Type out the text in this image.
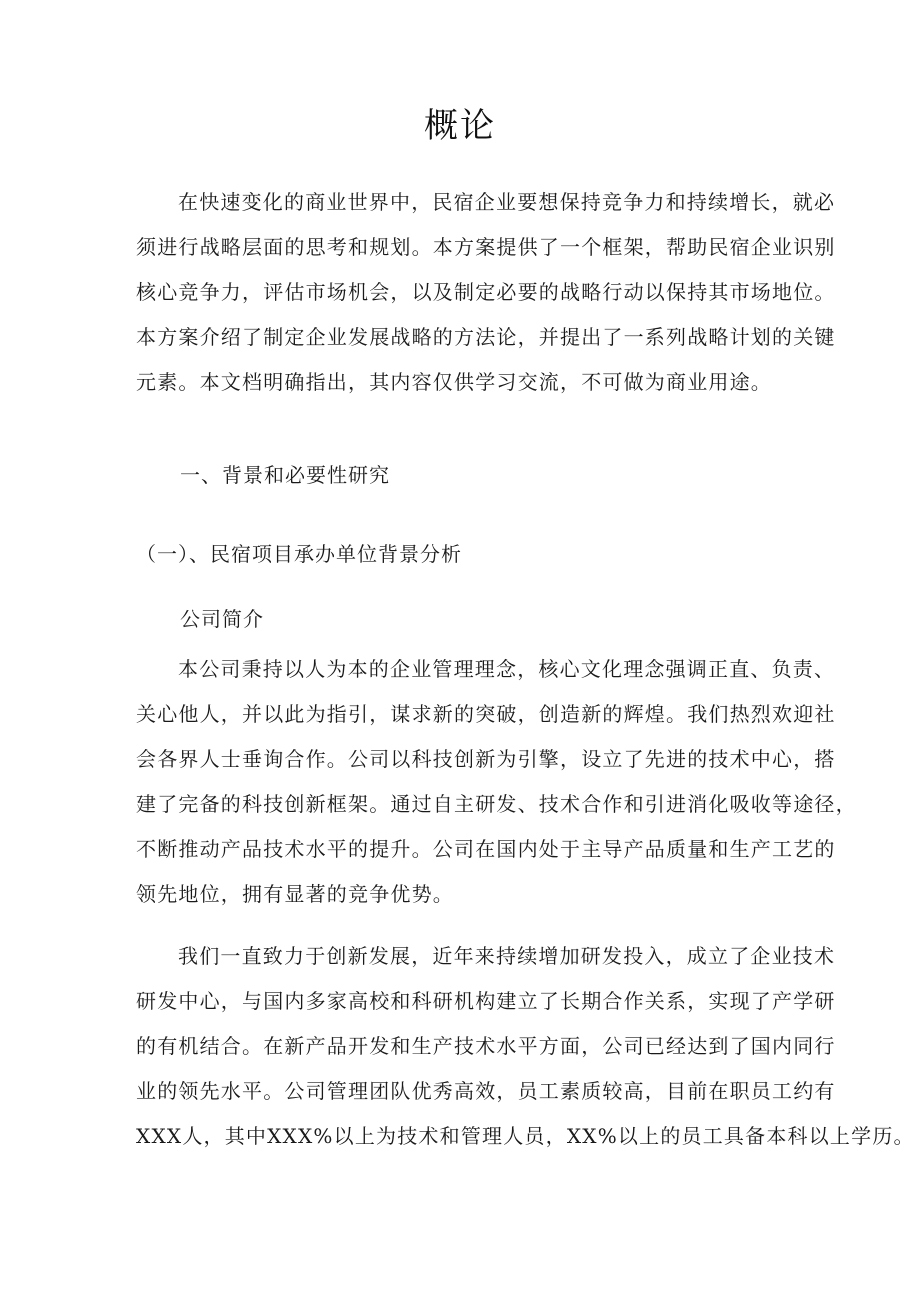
概论
在快速变化的商业世界中，民宿企业要想保持竞争力和持续增长，就必
须进行战略层面的思考和规划。本方案提供了一个框架，帮助民宿企业识别
核心竞争力，评估市场机会，以及制定必要的战略行动以保持其市场地位。
本方案介绍了制定企业发展战略的方法论，并提出了一系列战略计划的关键
元素。本文档明确指出，其内容仅供学习交流，不可做为商业用途。
一、背景和必要性研究
（一）、民宿项目承办单位背景分析
公司简介
本公司秉持以人为本的企业管理理念，核心文化理念强调正直、负责、
关心他人，并以此为指引，谋求新的突破，创造新的辉煌。我们热烈欢迎社
会各界人士垂询合作。公司以科技创新为引擎，设立了先进的技术中心，搭
建了完备的科技创新框架。通过自主研发、技术合作和引进消化吸收等途径，
不断推动产品技术水平的提升。公司在国内处于主导产品质量和生产工艺的
领先地位，拥有显著的竞争优势。
我们一直致力于创新发展，近年来持续增加研发投入，成立了企业技术
研发中心，与国内多家高校和科研机构建立了长期合作关系，实现了产学研
的有机结合。在新产品开发和生产技术水平方面，公司已经达到了国内同行
业的领先水平。公司管理团队优秀高效，员工素质较高，目前在职员工约有
XXX人，其中XXX%以上为技术和管理人员，XX%以上的员工具备本科以上学历。
